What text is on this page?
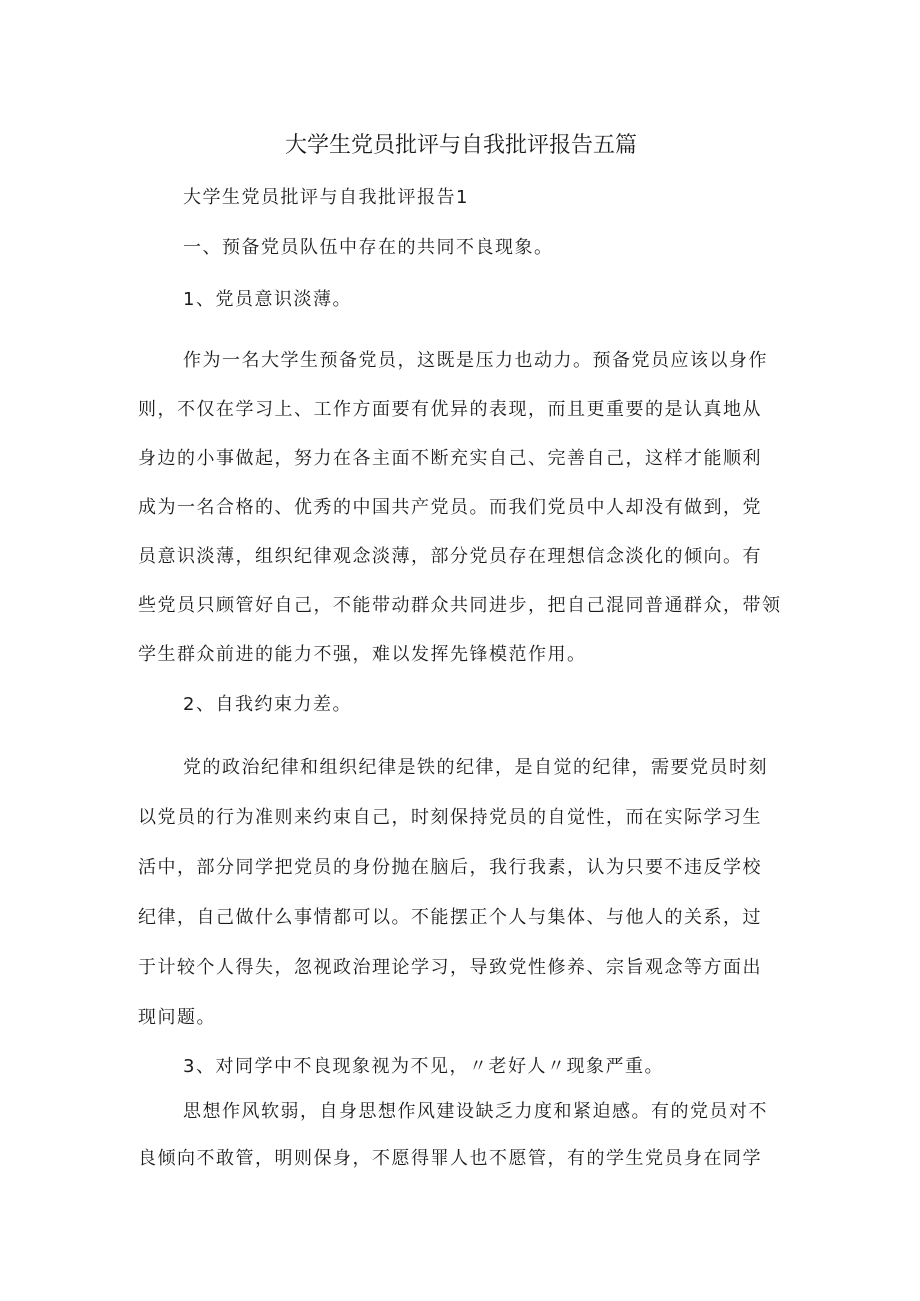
大学生党员批评与自我批评报告五篇

大学生党员批评与自我批评报告1

一、预备党员队伍中存在的共同不良现象。

1、党员意识淡薄。

作为一名大学生预备党员，这既是压力也动力。预备党员应该以身作

则，不仅在学习上、工作方面要有优异的表现，而且更重要的是认真地从

身边的小事做起，努力在各主面不断充实自己、完善自己，这样才能顺利

成为一名合格的、优秀的中国共产党员。而我们党员中人却没有做到，党

员意识淡薄，组织纪律观念淡薄，部分党员存在理想信念淡化的倾向。有

些党员只顾管好自己，不能带动群众共同进步，把自己混同普通群众，带领

学生群众前进的能力不强，难以发挥先锋模范作用。

2、自我约束力差。

党的政治纪律和组织纪律是铁的纪律，是自觉的纪律，需要党员时刻

以党员的行为准则来约束自己，时刻保持党员的自觉性，而在实际学习生

活中，部分同学把党员的身份抛在脑后，我行我素，认为只要不违反学校

纪律，自己做什么事情都可以。不能摆正个人与集体、与他人的关系，过

于计较个人得失，忽视政治理论学习，导致党性修养、宗旨观念等方面出

现问题。

3、对同学中不良现象视为不见，〃老好人〃现象严重。

思想作风软弱，自身思想作风建设缺乏力度和紧迫感。有的党员对不

良倾向不敢管，明则保身，不愿得罪人也不愿管，有的学生党员身在同学
